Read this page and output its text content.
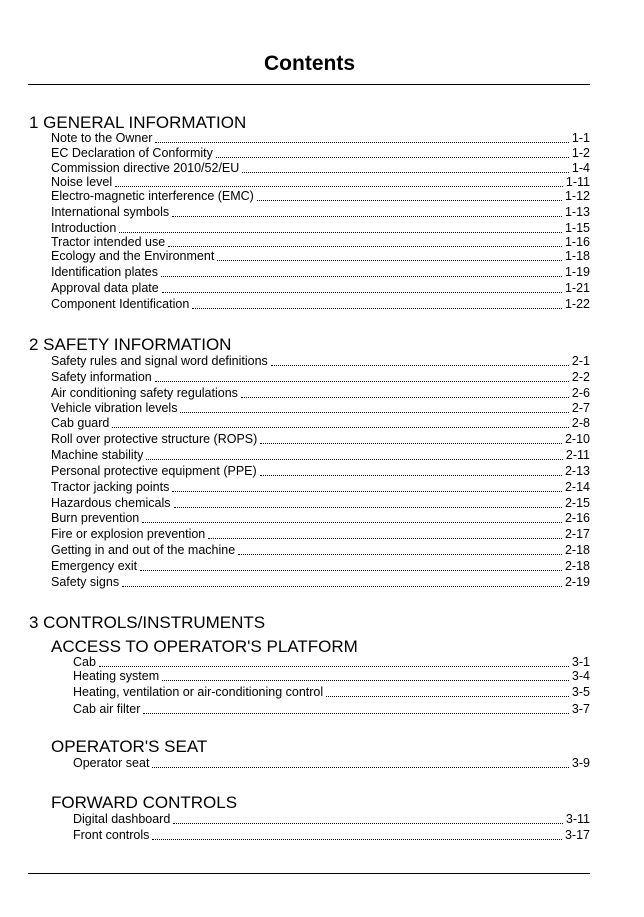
Contents
1 GENERAL INFORMATION
Note to the Owner	1-1
EC Declaration of Conformity	1-2
Commission directive 2010/52/EU	1-4
Noise level	1-11
Electro-magnetic interference (EMC)	1-12
International symbols	1-13
Introduction	1-15
Tractor intended use	1-16
Ecology and the Environment	1-18
Identification plates	1-19
Approval data plate	1-21
Component Identification	1-22
2 SAFETY INFORMATION
Safety rules and signal word definitions	2-1
Safety information	2-2
Air conditioning safety regulations	2-6
Vehicle vibration levels	2-7
Cab guard	2-8
Roll over protective structure (ROPS)	2-10
Machine stability	2-11
Personal protective equipment (PPE)	2-13
Tractor jacking points	2-14
Hazardous chemicals	2-15
Burn prevention	2-16
Fire or explosion prevention	2-17
Getting in and out of the machine	2-18
Emergency exit	2-18
Safety signs	2-19
3 CONTROLS/INSTRUMENTS
ACCESS TO OPERATOR'S PLATFORM
Cab	3-1
Heating system	3-4
Heating, ventilation or air-conditioning control	3-5
Cab air filter	3-7
OPERATOR'S SEAT
Operator seat	3-9
FORWARD CONTROLS
Digital dashboard	3-11
Front controls	3-17
